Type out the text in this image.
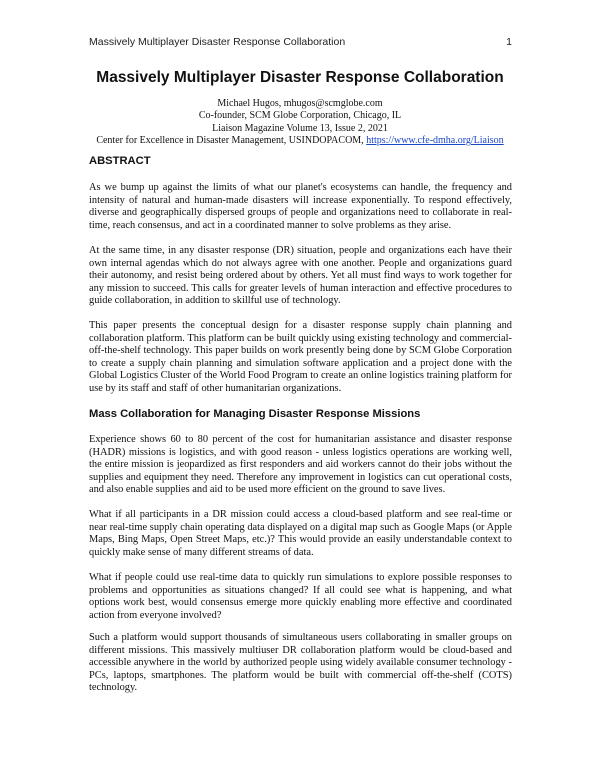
Massively Multiplayer Disaster Response Collaboration	1
Massively Multiplayer Disaster Response Collaboration
Michael Hugos, mhugos@scmglobe.com
Co-founder, SCM Globe Corporation, Chicago, IL
Liaison Magazine Volume 13, Issue 2, 2021
Center for Excellence in Disaster Management, USINDOPACOM, https://www.cfe-dmha.org/Liaison
ABSTRACT

As we bump up against the limits of what our planet's ecosystems can handle, the frequency and intensity of natural and human-made disasters will increase exponentially. To respond effectively, diverse and geographically dispersed groups of people and organizations need to collaborate in real-time, reach consensus, and act in a coordinated manner to solve problems as they arise.

At the same time, in any disaster response (DR) situation, people and organizations each have their own internal agendas which do not always agree with one another. People and organizations guard their autonomy, and resist being ordered about by others. Yet all must find ways to work together for any mission to succeed. This calls for greater levels of human interaction and effective procedures to guide collaboration, in addition to skillful use of technology.

This paper presents the conceptual design for a disaster response supply chain planning and collaboration platform. This platform can be built quickly using existing technology and commercial-off-the-shelf technology. This paper builds on work presently being done by SCM Globe Corporation to create a supply chain planning and simulation software application and a project done with the Global Logistics Cluster of the World Food Program to create an online logistics training platform for use by its staff and staff of other humanitarian organizations.

Mass Collaboration for Managing Disaster Response Missions

Experience shows 60 to 80 percent of the cost for humanitarian assistance and disaster response (HADR) missions is logistics, and with good reason - unless logistics operations are working well, the entire mission is jeopardized as first responders and aid workers cannot do their jobs without the supplies and equipment they need. Therefore any improvement in logistics can cut operational costs, and also enable supplies and aid to be used more efficient on the ground to save lives.

What if all participants in a DR mission could access a cloud-based platform and see real-time or near real-time supply chain operating data displayed on a digital map such as Google Maps (or Apple Maps, Bing Maps, Open Street Maps, etc.)? This would provide an easily understandable context to quickly make sense of many different streams of data.

What if people could use real-time data to quickly run simulations to explore possible responses to problems and opportunities as situations changed? If all could see what is happening, and what options work best, would consensus emerge more quickly enabling more effective and coordinated action from everyone involved?

Such a platform would support thousands of simultaneous users collaborating in smaller groups on different missions. This massively multiuser DR collaboration platform would be cloud-based and accessible anywhere in the world by authorized people using widely available consumer technology - PCs, laptops, smartphones. The platform would be built with commercial off-the-shelf (COTS) technology.
